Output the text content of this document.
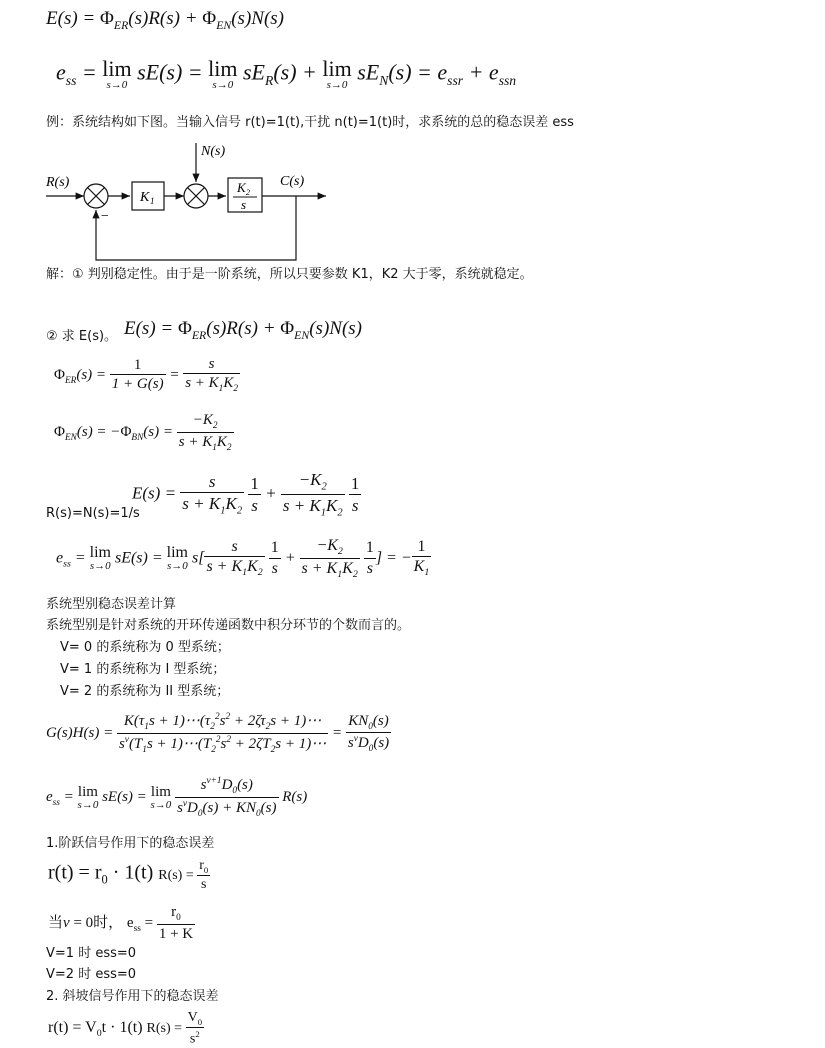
$E(s) = \Phi_{ER}(s)R(s) + \Phi_{EN}(s)N(s)$
$e_{ss} = \lim$
s→0
sE(s) = lim
s→0
$sE_R(s) + \lim$
s→0
$sE_N(s) = e_{ssr} + e_{ssn}$
例：系统结构如下图。当输入信号 r(t)=1(t),干扰 n(t)=1(t)时，求系统的总的稳态误差 ess
R(s)
−
K 1
N(s)
K 2
s
C(s)
解：① 判别稳定性。由于是一阶系统，所以只要参数 K1，K2 大于零，系统就稳定。
② 求 E(s)。 $E(s) = \Phi_{ER}(s)R(s) + \Phi_{EN}(s)N(s)$
$\Phi_{ER}(s) = \frac{1}{1 + G(s)} = \frac{s}{s + K_1K_2}$
$\Phi_{EN}(s) = -\Phi_{BN}(s) = \frac{-K_2}{s + K_1K_2}$
$E(s) = \frac{s}{s + K_1K_2}$
$\frac{1}{s} + \frac{-K_2}{s + K_1K_2}$
$\frac{1}{s}$
R(s)=N(s)=1/s
$e_{ss} = \lim$
s→0 sE(s) = lim
s→0 $s[ \frac{s}{s + K_1K_2}$
$\frac{1}{s} + \frac{-K_2}{s + K_1K_2}$
$\frac{1}{s}$ ] = − $\frac{1}{K_1}$
系统型别稳态误差计算
系统型别是针对系统的开环传递函数中积分环节的个数而言的。
V= 0 的系统称为 0 型系统；
V= 1 的系统称为 I 型系统；
V= 2 的系统称为 II 型系统；
$G(s)H(s) = \frac{K(\tau_1s + 1)\cdots(\tau_2^2s^2 + 2\zeta\tau_2s + 1)\cdots}{s^v(T_1s + 1)\cdots(T_2^2s^2 + 2\zeta T_2s + 1)\cdots} = \frac{KN_0(s)}{s^vD_0(s)}$
$e_{ss} = \lim$
s→0 sE(s) = lim
s→0
$\frac{s^{v+1}D_0(s)}{s^vD_0(s) + KN_0(s)} R(s)$
1.阶跃信号作用下的稳态误差
$r(t) = r_0 \cdot 1(t) R(s) = \frac{r_0}{s}$
当ν = 0时， $e_{ss} = \frac{r_0}{1 + K}$
V=1 时 ess=0
V=2 时 ess=0
2. 斜坡信号作用下的稳态误差
$r(t) = V_0t \cdot 1(t) R(s) = \frac{V_0}{s^2}$
